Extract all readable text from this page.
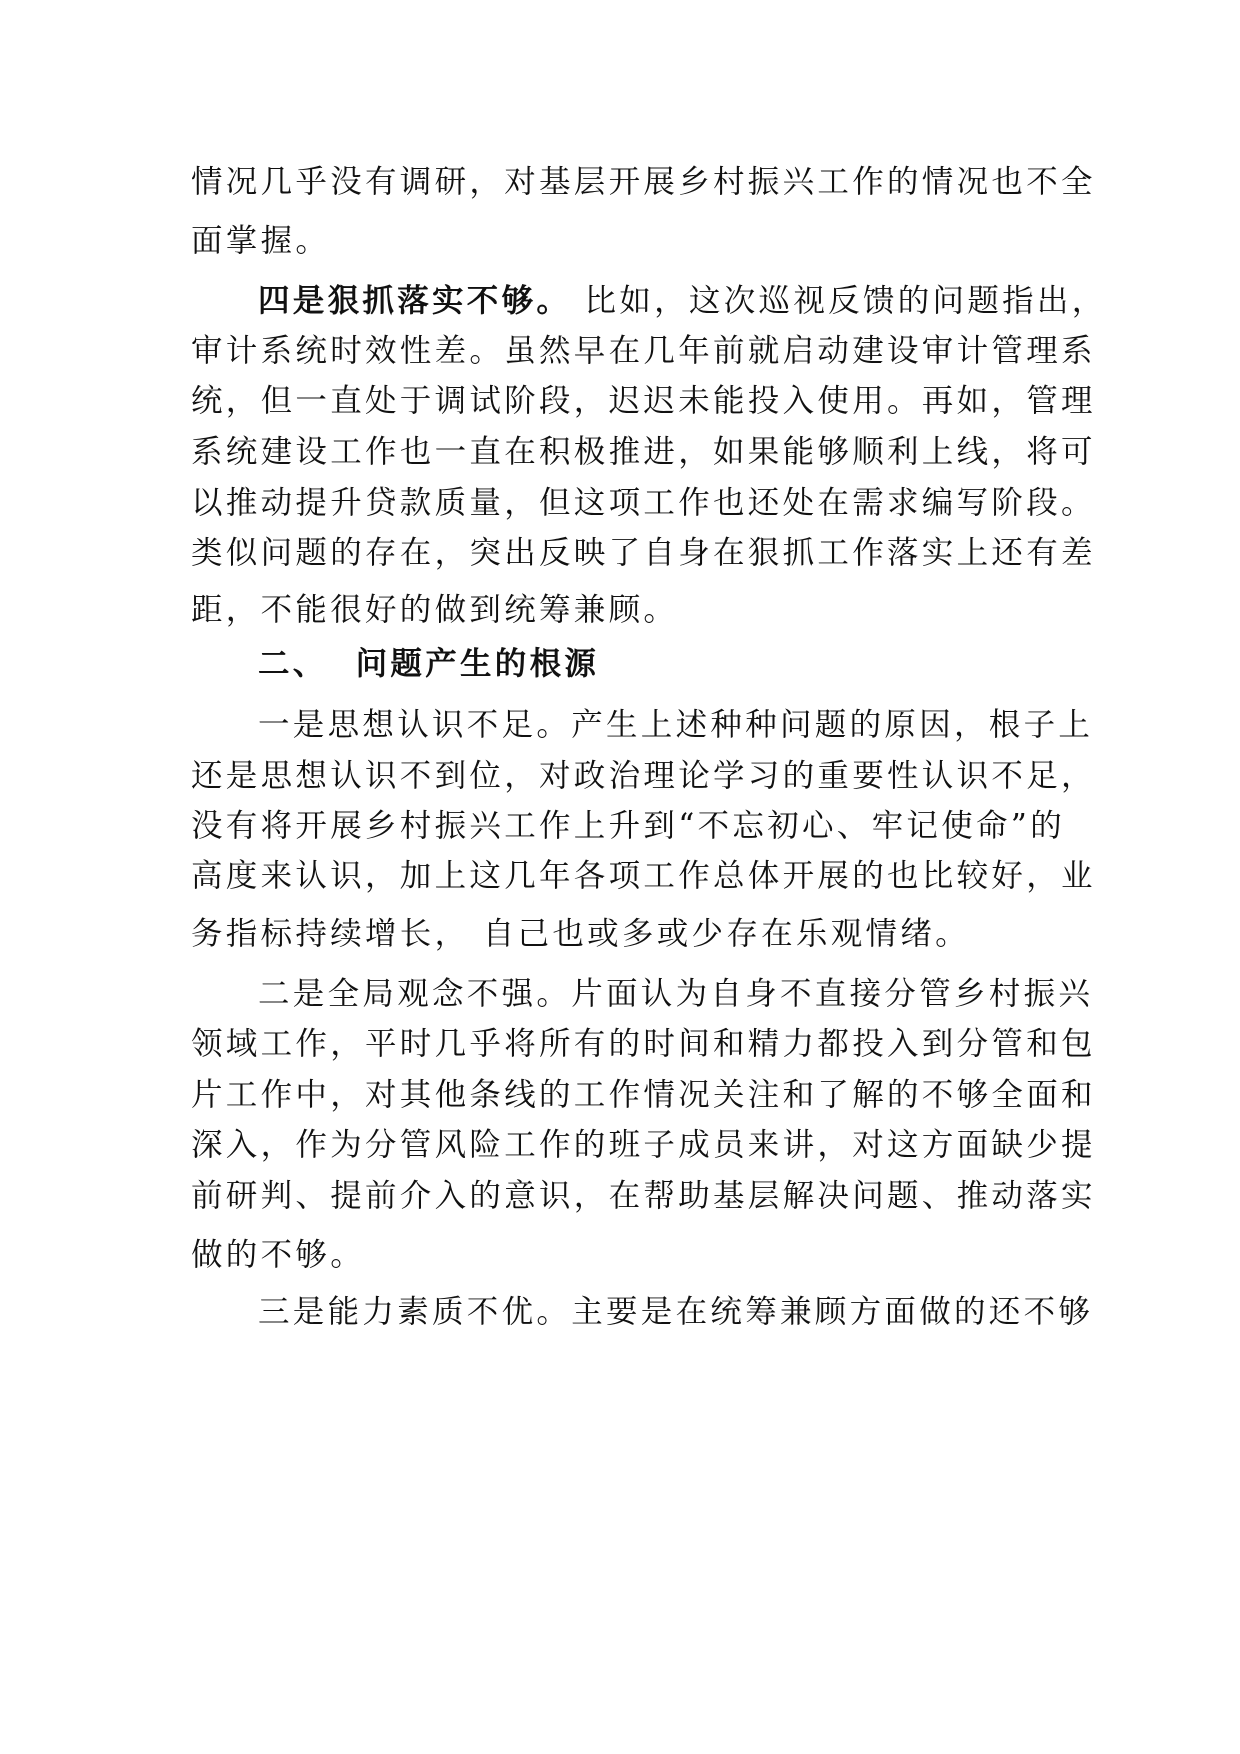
情况几乎没有调研，对基层开展乡村振兴工作的情况也不全
面掌握。
四是狠抓落实不够。 比如，这次巡视反馈的问题指出，
审计系统时效性差。虽然早在几年前就启动建设审计管理系
统，但一直处于调试阶段，迟迟未能投入使用。再如，管理
系统建设工作也一直在积极推进，如果能够顺利上线，将可
以推动提升贷款质量，但这项工作也还处在需求编写阶段。
类似问题的存在，突出反映了自身在狠抓工作落实上还有差
距，不能很好的做到统筹兼顾。
二、 问题产生的根源
一是思想认识不足。产生上述种种问题的原因，根子上
还是思想认识不到位，对政治理论学习的重要性认识不足，
没有将开展乡村振兴工作上升到“不忘初心、牢记使命”的
高度来认识，加上这几年各项工作总体开展的也比较好，业
务指标持续增长， 自己也或多或少存在乐观情绪。
二是全局观念不强。片面认为自身不直接分管乡村振兴
领域工作，平时几乎将所有的时间和精力都投入到分管和包
片工作中，对其他条线的工作情况关注和了解的不够全面和
深入，作为分管风险工作的班子成员来讲，对这方面缺少提
前研判、提前介入的意识，在帮助基层解决问题、推动落实
做的不够。
三是能力素质不优。主要是在统筹兼顾方面做的还不够
